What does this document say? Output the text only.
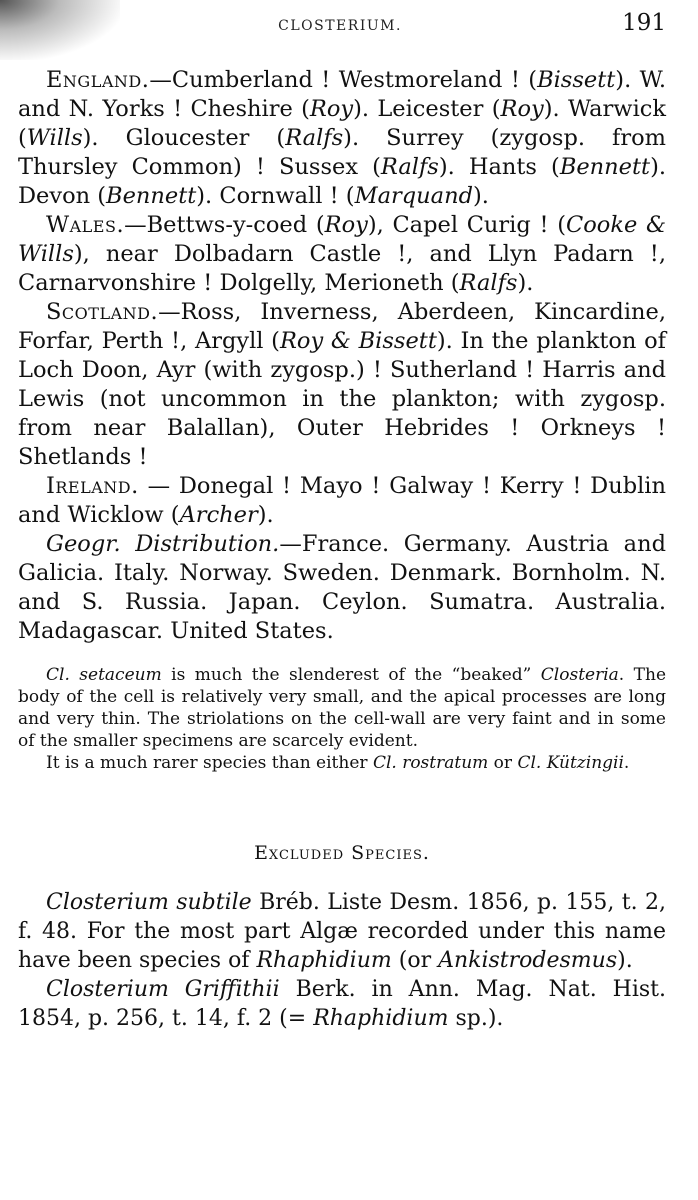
CLOSTERIUM.	191

England.—Cumberland ! Westmoreland ! (Bissett). W. and N. Yorks ! Cheshire (Roy). Leicester (Roy). Warwick (Wills). Gloucester (Ralfs). Surrey (zygosp. from Thursley Common) ! Sussex (Ralfs). Hants (Bennett). Devon (Bennett). Cornwall ! (Marquand).

Wales.—Bettws-y-coed (Roy), Capel Curig ! (Cooke & Wills), near Dolbadarn Castle !, and Llyn Padarn !, Carnarvonshire ! Dolgelly, Merioneth (Ralfs).

Scotland.—Ross, Inverness, Aberdeen, Kincardine, Forfar, Perth !, Argyll (Roy & Bissett). In the plankton of Loch Doon, Ayr (with zygosp.) ! Sutherland ! Harris and Lewis (not uncommon in the plankton; with zygosp. from near Balallan), Outer Hebrides ! Orkneys ! Shetlands !

Ireland. — Donegal ! Mayo ! Galway ! Kerry ! Dublin and Wicklow (Archer).

Geogr. Distribution.—France. Germany. Austria and Galicia. Italy. Norway. Sweden. Denmark. Bornholm. N. and S. Russia. Japan. Ceylon. Sumatra. Australia. Madagascar. United States.

Cl. setaceum is much the slenderest of the “beaked” Closteria. The body of the cell is relatively very small, and the apical processes are long and very thin. The striolations on the cell-wall are very faint and in some of the smaller specimens are scarcely evident.

It is a much rarer species than either Cl. rostratum or Cl. Kützingii.

Excluded Species.

Closterium subtile Bréb. Liste Desm. 1856, p. 155, t. 2, f. 48. For the most part Algæ recorded under this name have been species of Rhaphidium (or Ankistrodesmus).

Closterium Griffithii Berk. in Ann. Mag. Nat. Hist. 1854, p. 256, t. 14, f. 2 (= Rhaphidium sp.).
